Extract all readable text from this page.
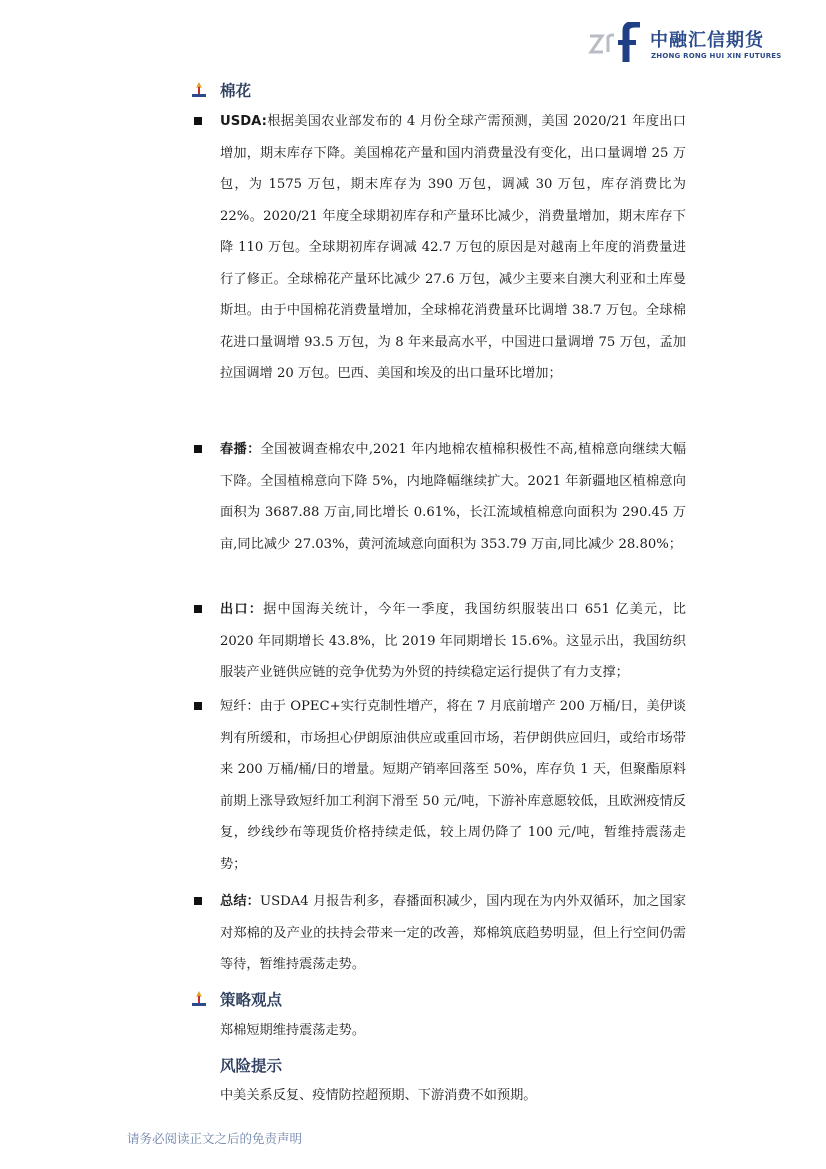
中融汇信期货
ZHONG RONG HUI XIN FUTURES
棉花
USDA:根据美国农业部发布的 4 月份全球产需预测，美国 2020/21 年度出口增加，期末库存下降。美国棉花产量和国内消费量没有变化，出口量调增 25 万包，为 1575 万包，期末库存为 390 万包，调减 30 万包，库存消费比为 22%。2020/21 年度全球期初库存和产量环比减少，消费量增加，期末库存下降 110 万包。全球期初库存调减 42.7 万包的原因是对越南上年度的消费量进行了修正。全球棉花产量环比减少 27.6 万包，减少主要来自澳大利亚和土库曼斯坦。由于中国棉花消费量增加，全球棉花消费量环比调增 38.7 万包。全球棉花进口量调增 93.5 万包，为 8 年来最高水平，中国进口量调增 75 万包，孟加拉国调增 20 万包。巴西、美国和埃及的出口量环比增加；
春播：全国被调查棉农中,2021 年内地棉农植棉积极性不高,植棉意向继续大幅下降。全国植棉意向下降 5%，内地降幅继续扩大。2021 年新疆地区植棉意向面积为 3687.88 万亩,同比增长 0.61%，长江流域植棉意向面积为 290.45 万亩,同比减少 27.03%，黄河流域意向面积为 353.79 万亩,同比减少 28.80%；
出口：据中国海关统计，今年一季度，我国纺织服装出口 651 亿美元，比 2020 年同期增长 43.8%，比 2019 年同期增长 15.6%。这显示出，我国纺织服装产业链供应链的竞争优势为外贸的持续稳定运行提供了有力支撑；
短纤：由于 OPEC+实行克制性增产，将在 7 月底前增产 200 万桶/日，美伊谈判有所缓和，市场担心伊朗原油供应或重回市场，若伊朗供应回归，或给市场带来 200 万桶/桶/日的增量。短期产销率回落至 50%，库存负 1 天，但聚酯原料前期上涨导致短纤加工利润下滑至 50 元/吨，下游补库意愿较低，且欧洲疫情反复，纱线纱布等现货价格持续走低，较上周仍降了 100 元/吨，暂维持震荡走势；
总结：USDA4 月报告利多，春播面积减少，国内现在为内外双循环，加之国家对郑棉的及产业的扶持会带来一定的改善，郑棉筑底趋势明显，但上行空间仍需等待，暂维持震荡走势。
策略观点
郑棉短期维持震荡走势。
风险提示
中美关系反复、疫情防控超预期、下游消费不如预期。
请务必阅读正文之后的免责声明
